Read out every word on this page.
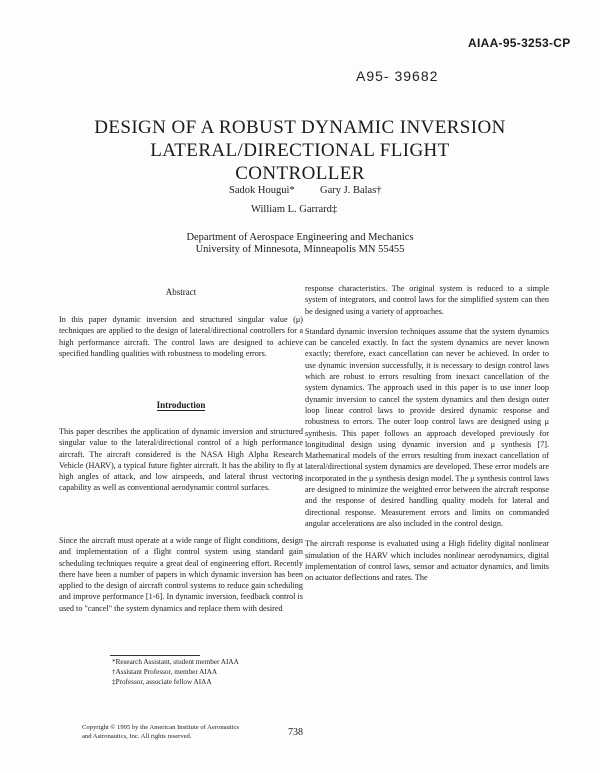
AIAA-95-3253-CP
A95- 39682
DESIGN OF A ROBUST DYNAMIC INVERSION
LATERAL/DIRECTIONAL FLIGHT
CONTROLLER
Sadok Hougui* Gary J. Balas†
William L. Garrard‡
Department of Aerospace Engineering and Mechanics
University of Minnesota, Minneapolis MN 55455
Abstract

In this paper dynamic inversion and structured singular value (μ) techniques are applied to the design of lateral/directional controllers for a high performance aircraft. The control laws are designed to achieve specified handling qualities with robustness to modeling errors.

Introduction

This paper describes the application of dynamic inversion and structured singular value to the lateral/directional control of a high performance aircraft. The aircraft considered is the NASA High Alpha Research Vehicle (HARV), a typical future fighter aircraft. It has the ability to fly at high angles of attack, and low airspeeds, and lateral thrust vectoring capability as well as conventional aerodynamic control surfaces.

Since the aircraft must operate at a wide range of flight conditions, design and implementation of a flight control system using standard gain scheduling techniques require a great deal of engineering effort. Recently there have been a number of papers in which dynamic inversion has been applied to the design of aircraft control systems to reduce gain scheduling and improve performance [1-6]. In dynamic inversion, feedback control is used to "cancel" the system dynamics and replace them with desired

response characteristics. The original system is reduced to a simple system of integrators, and control laws for the simplified system can then be designed using a variety of approaches.

Standard dynamic inversion techniques assume that the system dynamics can be canceled exactly. In fact the system dynamics are never known exactly; therefore, exact cancellation can never be achieved. In order to use dynamic inversion successfully, it is necessary to design control laws which are robust to errors resulting from inexact cancellation of the system dynamics. The approach used in this paper is to use inner loop dynamic inversion to cancel the system dynamics and then design outer loop linear control laws to provide desired dynamic response and robustness to errors. The outer loop control laws are designed using μ synthesis. This paper follows an approach developed previously for longitudinal design using dynamic inversion and μ synthesis [7]. Mathematical models of the errors resulting from inexact cancellation of lateral/directional system dynamics are developed. These error models are incorporated in the μ synthesis design model. The μ synthesis control laws are designed to minimize the weighted error between the aircraft response and the response of desired handling quality models for lateral and directional response. Measurement errors and limits on commanded angular accelerations are also included in the control design.

The aircraft response is evaluated using a High fidelity digital nonlinear simulation of the HARV which includes nonlinear aerodynamics, digital implementation of control laws, sensor and actuator dynamics, and limits on actuator deflections and rates. The

*Research Assistant, student member AIAA
†Assistant Professor, member AIAA
‡Professor, associate fellow AIAA
Copyright © 1995 by the American Institute of Aeronautics
and Astronautics, Inc. All rights reserved.	738
